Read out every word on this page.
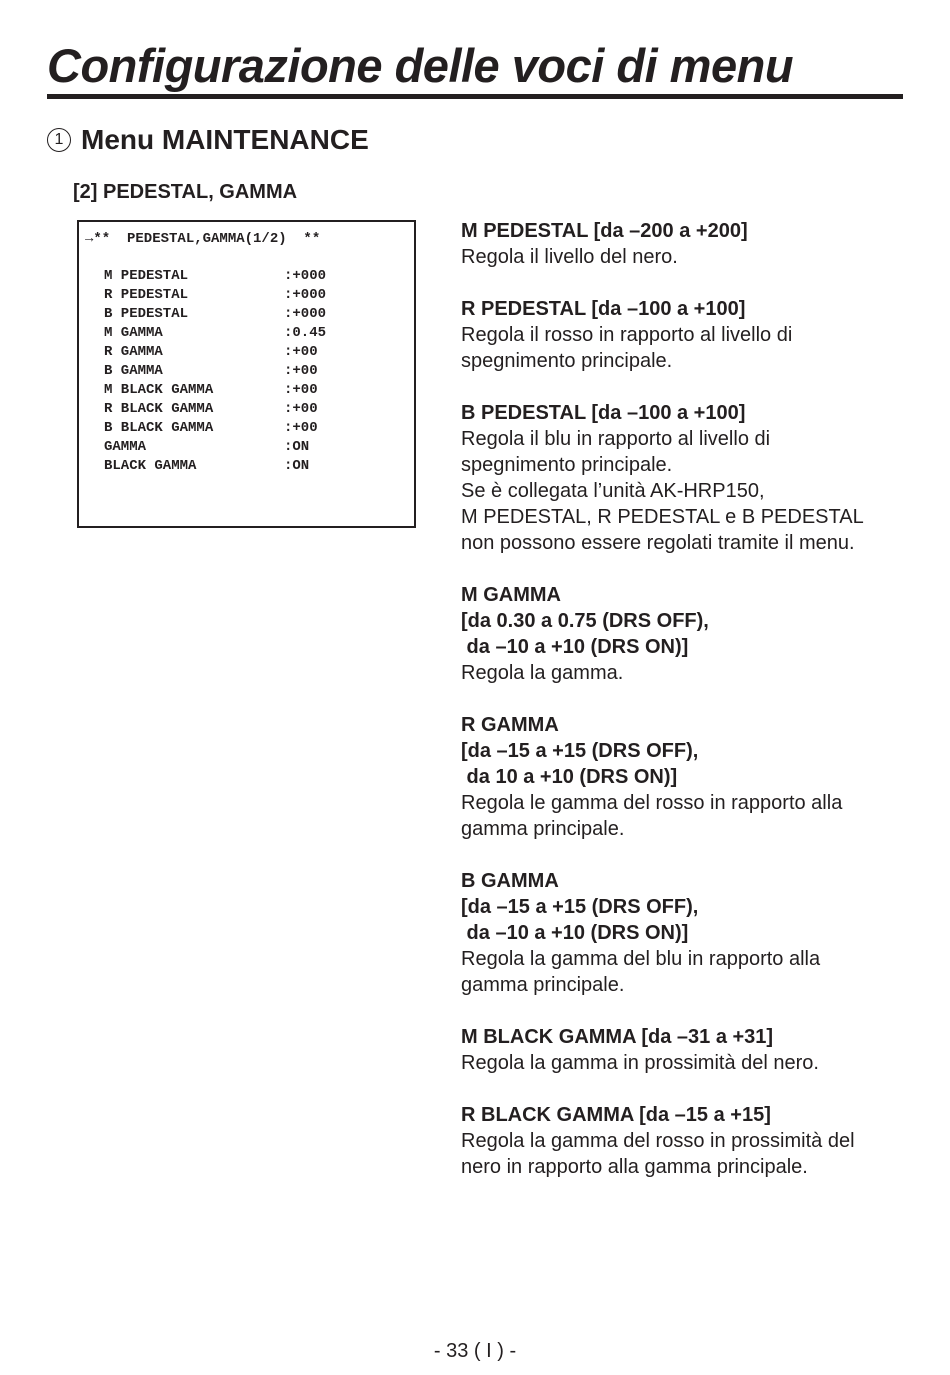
Configurazione delle voci di menu
1 Menu MAINTENANCE
[2] PEDESTAL, GAMMA

→**  PEDESTAL,GAMMA(1/2)  **

M PEDESTAL	:+000
R PEDESTAL	:+000
B PEDESTAL	:+000
M GAMMA	:0.45
R GAMMA	:+00
B GAMMA	:+00
M BLACK GAMMA	:+00
R BLACK GAMMA	:+00
B BLACK GAMMA	:+00
GAMMA	:ON
BLACK GAMMA	:ON

M PEDESTAL [da –200 a +200]
Regola il livello del nero.
R PEDESTAL [da –100 a +100]
Regola il rosso in rapporto al livello di
spegnimento principale.
B PEDESTAL [da –100 a +100]
Regola il blu in rapporto al livello di
spegnimento principale.
Se è collegata l’unità AK-HRP150,
M PEDESTAL, R PEDESTAL e B PEDESTAL
non possono essere regolati tramite il menu.
M GAMMA
[da 0.30 a 0.75 (DRS OFF),
da –10 a +10 (DRS ON)]
Regola la gamma.
R GAMMA
[da –15 a +15 (DRS OFF),
da 10 a +10 (DRS ON)]
Regola le gamma del rosso in rapporto alla
gamma principale.
B GAMMA
[da –15 a +15 (DRS OFF),
da –10 a +10 (DRS ON)]
Regola la gamma del blu in rapporto alla
gamma principale.
M BLACK GAMMA [da –31 a +31]
Regola la gamma in prossimità del nero.
R BLACK GAMMA [da –15 a +15]
Regola la gamma del rosso in prossimità del
nero in rapporto alla gamma principale.
- 33 ( I ) -
